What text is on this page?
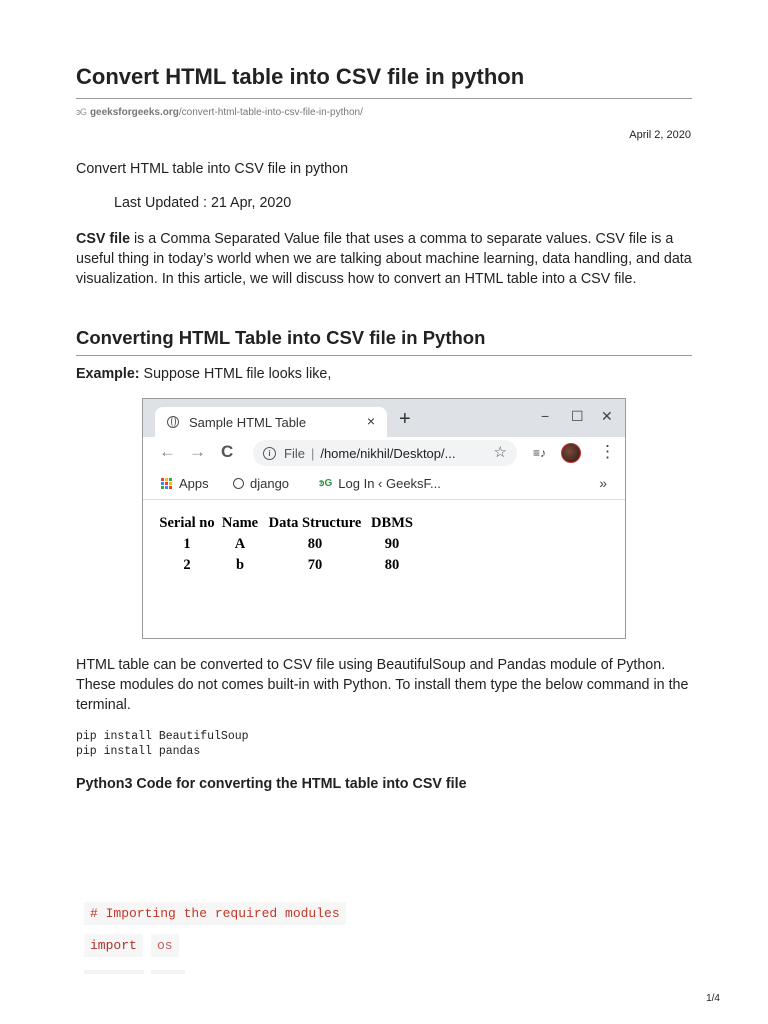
Convert HTML table into CSV file in python
ꜿG geeksforgeeks.org/convert-html-table-into-csv-file-in-python/
April 2, 2020

Convert HTML table into CSV file in python

Last Updated : 21 Apr, 2020

CSV file is a Comma Separated Value file that uses a comma to separate values. CSV file is a useful thing in today’s world when we are talking about machine learning, data handling, and data visualization. In this article, we will discuss how to convert an HTML table into a CSV file.

Converting HTML Table into CSV file in Python

Example: Suppose HTML file looks like,

Sample HTML Table	× +	− ☐ ✕
← → C	i	File | /home/nikhil/Desktop/...	☆ ≡♪	⋮
Apps	django	ꜿG Log In ‹ GeeksF...	»
Serial no	Name	Data Structure	DBMS
1	A	80	90
2	b	70	80

HTML table can be converted to CSV file using BeautifulSoup and Pandas module of Python. These modules do not comes built-in with Python. To install them type the below command in the terminal.

pip install BeautifulSoup
pip install pandas
Python3 Code for converting the HTML table into CSV file
# Importing the required modules
import	os
1/4
